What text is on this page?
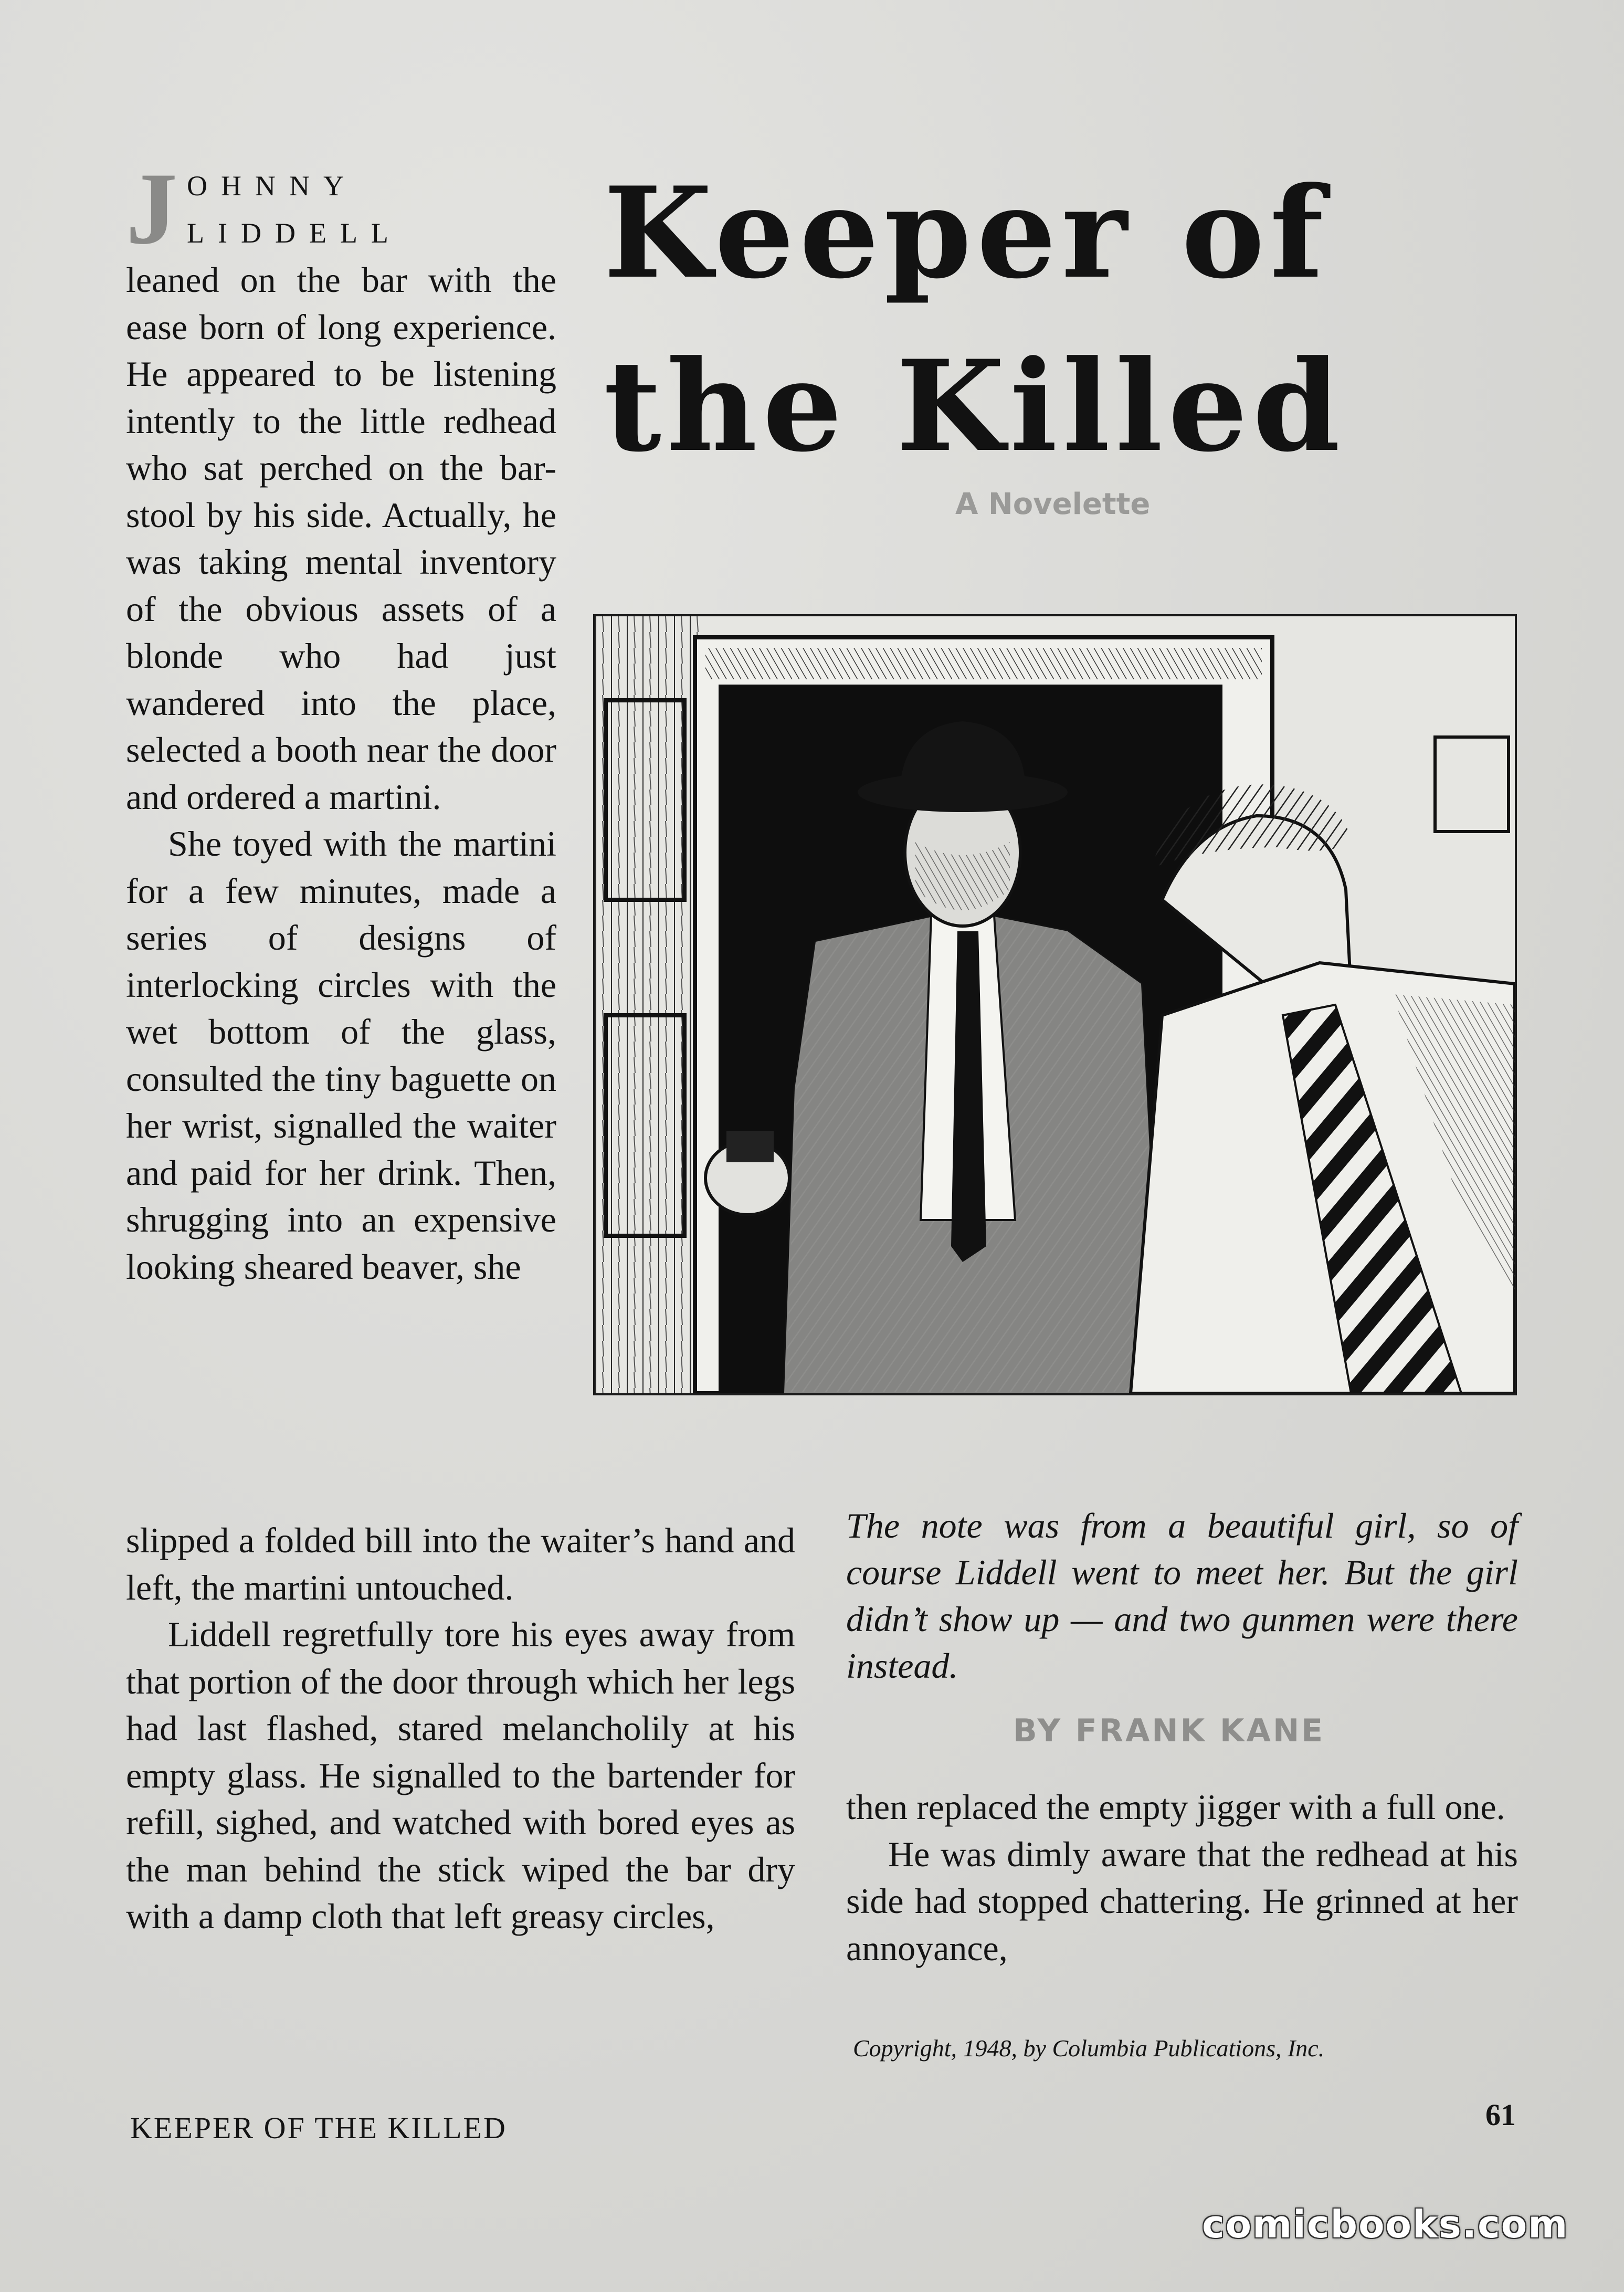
J OHNNY LIDDELL

leaned on the bar with the ease born of long experience. He appeared to be listening intently to the little redhead who sat perched on the bar-stool by his side. Actually, he was taking mental inventory of the obvious assets of a blonde who had just wandered into the place, selected a booth near the door and ordered a martini.

She toyed with the martini for a few minutes, made a series of designs of interlocking circles with the wet bottom of the glass, consulted the tiny baguette on her wrist, signalled the waiter and paid for her drink. Then, shrugging into an expensive looking sheared beaver, she

Keeper of
the Killed
A Novelette

slipped a folded bill into the waiter’s hand and left, the martini untouched.

Liddell regretfully tore his eyes away from that portion of the door through which her legs had last flashed, stared melancholily at his empty glass. He signalled to the bartender for refill, sighed, and watched with bored eyes as the man behind the stick wiped the bar dry with a damp cloth that left greasy circles,

The note was from a beautiful girl, so of course Liddell went to meet her. But the girl didn’t show up — and two gunmen were there instead.
BY FRANK KANE

then replaced the empty jigger with a full one.

He was dimly aware that the redhead at his side had stopped chattering. He grinned at her annoyance,

Copyright, 1948, by Columbia Publications, Inc.
KEEPER OF THE KILLED	61
comicbooks.com
